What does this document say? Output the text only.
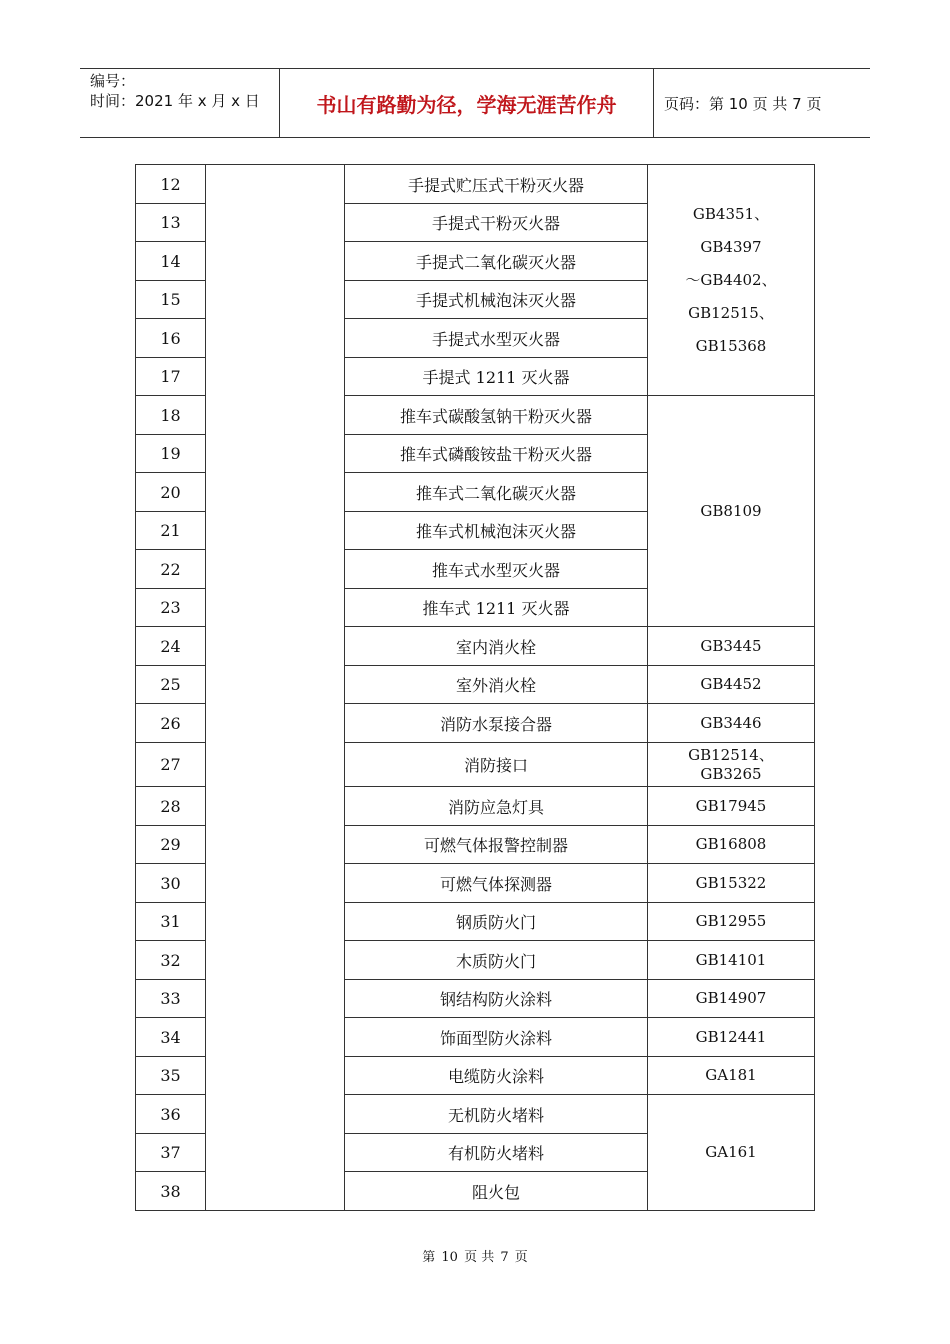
编号：
时间：2021 年 x 月 x 日	书山有路勤为径，学海无涯苦作舟	页码：第 10 页 共 7 页
12		手提式贮压式干粉灭火器	GB4351、
GB4397
～GB4402、
GB12515、
GB15368

13		手提式干粉灭火器	
14		手提式二氧化碳灭火器	
15		手提式机械泡沫灭火器	
16		手提式水型灭火器	
17		手提式 1211 灭火器	
18		推车式碳酸氢钠干粉灭火器	GB8109
19		推车式磷酸铵盐干粉灭火器	
20		推车式二氧化碳灭火器	
21		推车式机械泡沫灭火器	
22		推车式水型灭火器	
23		推车式 1211 灭火器	
24		室内消火栓	GB3445
25		室外消火栓	GB4452
26		消防水泵接合器	GB3446
27		消防接口	GB12514、
GB3265

28		消防应急灯具	GB17945
29		可燃气体报警控制器	GB16808
30		可燃气体探测器	GB15322
31		钢质防火门	GB12955
32		木质防火门	GB14101
33		钢结构防火涂料	GB14907
34		饰面型防火涂料	GB12441
35		电缆防火涂料	GA181
36		无机防火堵料	GA161
37		有机防火堵料	
38		阻火包	
第 10 页 共 7 页
